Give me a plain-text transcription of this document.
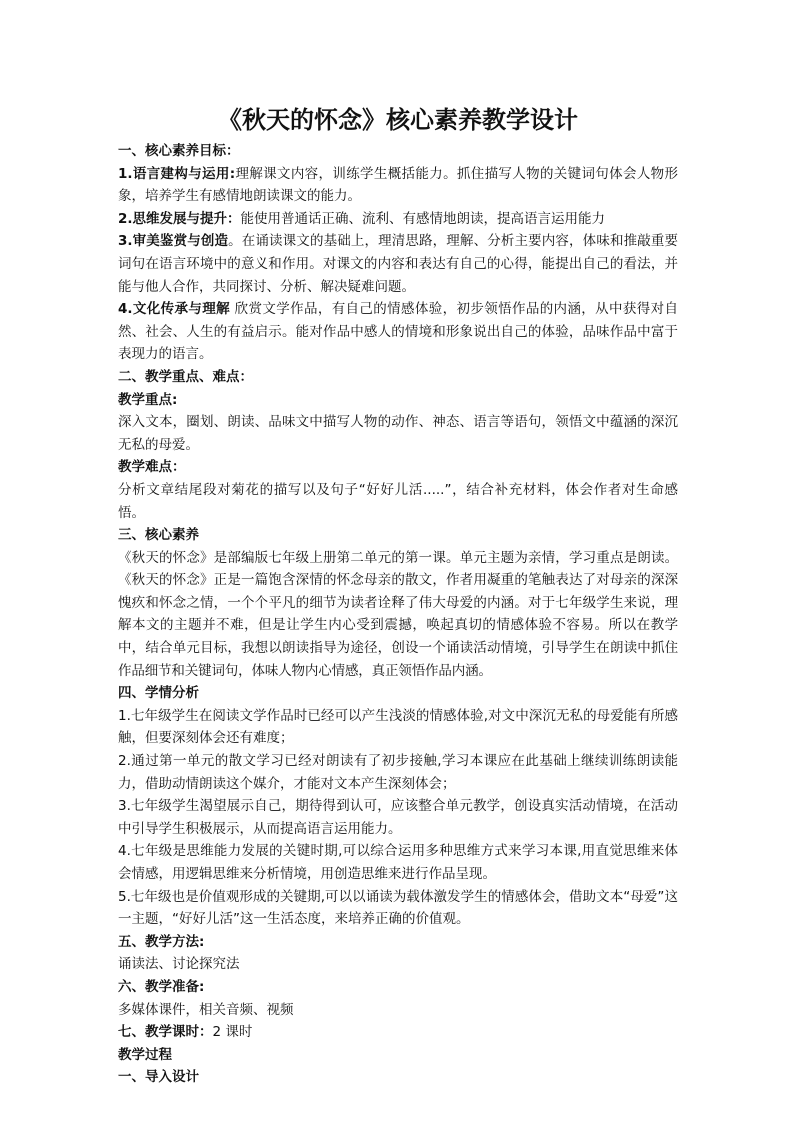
《秋天的怀念》核心素养教学设计

一、核心素养目标：

1.语言建构与运用:理解课文内容，训练学生概括能力。抓住描写人物的关键词句体会人物形象，培养学生有感情地朗读课文的能力。

2.思维发展与提升：能使用普通话正确、流利、有感情地朗读，提高语言运用能力

3.审美鉴赏与创造。在诵读课文的基础上，理清思路，理解、分析主要内容，体味和推敲重要词句在语言环境中的意义和作用。对课文的内容和表达有自己的心得，能提出自己的看法，并能与他人合作，共同探讨、分析、解决疑难问题。

4.文化传承与理解 欣赏文学作品，有自己的情感体验，初步领悟作品的内涵，从中获得对自然、社会、人生的有益启示。能对作品中感人的情境和形象说出自己的体验，品味作品中富于表现力的语言。

二、教学重点、难点：

教学重点:

深入文本，圈划、朗读、品味文中描写人物的动作、神态、语言等语句，领悟文中蕴涵的深沉无私的母爱。

教学难点：

分析文章结尾段对菊花的描写以及句子“好好儿活.....”，结合补充材料，体会作者对生命感悟。

三、核心素养

《秋天的怀念》是部编版七年级上册第二单元的第一课。单元主题为亲情，学习重点是朗读。《秋天的怀念》正是一篇饱含深情的怀念母亲的散文，作者用凝重的笔触表达了对母亲的深深愧疚和怀念之情，一个个平凡的细节为读者诠释了伟大母爱的内涵。对于七年级学生来说，理解本文的主题并不难，但是让学生内心受到震撼，唤起真切的情感体验不容易。所以在教学中，结合单元目标，我想以朗读指导为途径，创设一个诵读活动情境，引导学生在朗读中抓住作品细节和关键词句，体味人物内心情感，真正领悟作品内涵。

四、学情分析

1.七年级学生在阅读文学作品时已经可以产生浅淡的情感体验,对文中深沉无私的母爱能有所感触，但要深刻体会还有难度；

2.通过第一单元的散文学习已经对朗读有了初步接触,学习本课应在此基础上继续训练朗读能力，借助动情朗读这个媒介，才能对文本产生深刻体会；

3.七年级学生渴望展示自己，期待得到认可，应该整合单元教学，创设真实活动情境，在活动中引导学生积极展示，从而提高语言运用能力。

4.七年级是思维能力发展的关键时期,可以综合运用多种思维方式来学习本课,用直觉思维来体会情感，用逻辑思维来分析情境，用创造思维来进行作品呈现。

5.七年级也是价值观形成的关键期,可以以诵读为载体激发学生的情感体会，借助文本“母爱”这一主题，“好好儿活”这一生活态度，来培养正确的价值观。

五、教学方法:

诵读法、讨论探究法

六、教学准备:

多媒体课件，相关音频、视频

七、教学课时：2 课时

教学过程

一、导入设计
